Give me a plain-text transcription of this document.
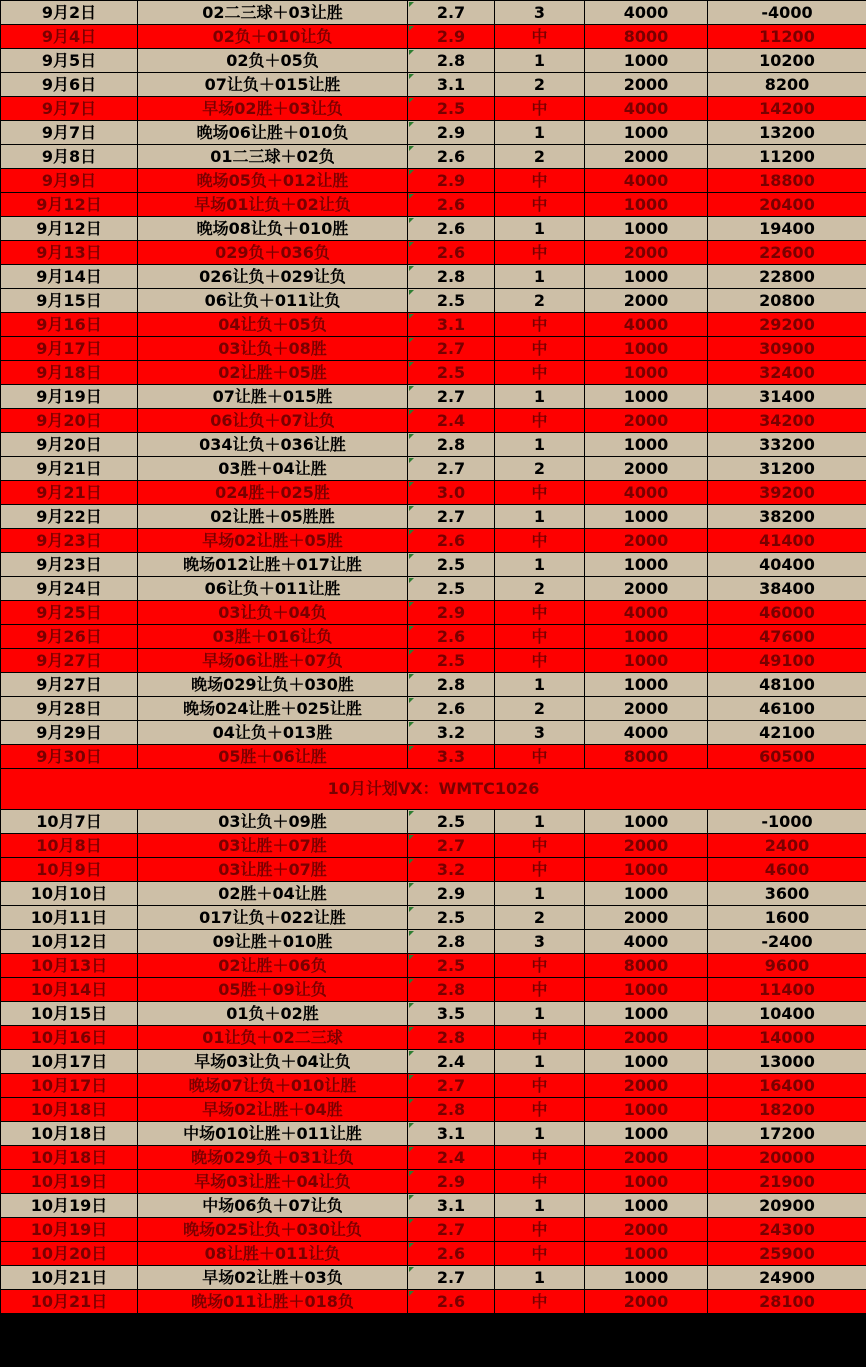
9月2日	02二三球＋03让胜	2.7	3	4000	-4000
9月4日	02负＋010让负	2.9	中	8000	11200
9月5日	02负＋05负	2.8	1	1000	10200
9月6日	07让负＋015让胜	3.1	2	2000	8200
9月7日	早场02胜＋03让负	2.5	中	4000	14200
9月7日	晚场06让胜＋010负	2.9	1	1000	13200
9月8日	01二三球＋02负	2.6	2	2000	11200
9月9日	晚场05负＋012让胜	2.9	中	4000	18800
9月12日	早场01让负＋02让负	2.6	中	1000	20400
9月12日	晚场08让负＋010胜	2.6	1	1000	19400
9月13日	029负＋036负	2.6	中	2000	22600
9月14日	026让负＋029让负	2.8	1	1000	22800
9月15日	06让负＋011让负	2.5	2	2000	20800
9月16日	04让负＋05负	3.1	中	4000	29200
9月17日	03让负＋08胜	2.7	中	1000	30900
9月18日	02让胜＋05胜	2.5	中	1000	32400
9月19日	07让胜＋015胜	2.7	1	1000	31400
9月20日	06让负＋07让负	2.4	中	2000	34200
9月20日	034让负＋036让胜	2.8	1	1000	33200
9月21日	03胜＋04让胜	2.7	2	2000	31200
9月21日	024胜＋025胜	3.0	中	4000	39200
9月22日	02让胜＋05胜胜	2.7	1	1000	38200
9月23日	早场02让胜＋05胜	2.6	中	2000	41400
9月23日	晚场012让胜＋017让胜	2.5	1	1000	40400
9月24日	06让负＋011让胜	2.5	2	2000	38400
9月25日	03让负＋04负	2.9	中	4000	46000
9月26日	03胜＋016让负	2.6	中	1000	47600
9月27日	早场06让胜＋07负	2.5	中	1000	49100
9月27日	晚场029让负＋030胜	2.8	1	1000	48100
9月28日	晚场024让胜＋025让胜	2.6	2	2000	46100
9月29日	04让负＋013胜	3.2	3	4000	42100
9月30日	05胜＋06让胜	3.3	中	8000	60500
10月计划VX：WMTC1026					
10月7日	03让负＋09胜	2.5	1	1000	-1000
10月8日	03让胜＋07胜	2.7	中	2000	2400
10月9日	03让胜＋07胜	3.2	中	1000	4600
10月10日	02胜＋04让胜	2.9	1	1000	3600
10月11日	017让负＋022让胜	2.5	2	2000	1600
10月12日	09让胜＋010胜	2.8	3	4000	-2400
10月13日	02让胜＋06负	2.5	中	8000	9600
10月14日	05胜＋09让负	2.8	中	1000	11400
10月15日	01负＋02胜	3.5	1	1000	10400
10月16日	01让负＋02二三球	2.8	中	2000	14000
10月17日	早场03让负＋04让负	2.4	1	1000	13000
10月17日	晚场07让负＋010让胜	2.7	中	2000	16400
10月18日	早场02让胜＋04胜	2.8	中	1000	18200
10月18日	中场010让胜＋011让胜	3.1	1	1000	17200
10月18日	晚场029负＋031让负	2.4	中	2000	20000
10月19日	早场03让胜＋04让负	2.9	中	1000	21900
10月19日	中场06负＋07让负	3.1	1	1000	20900
10月19日	晚场025让负＋030让负	2.7	中	2000	24300
10月20日	08让胜＋011让负	2.6	中	1000	25900
10月21日	早场02让胜＋03负	2.7	1	1000	24900
10月21日	晚场011让胜＋018负	2.6	中	2000	28100
